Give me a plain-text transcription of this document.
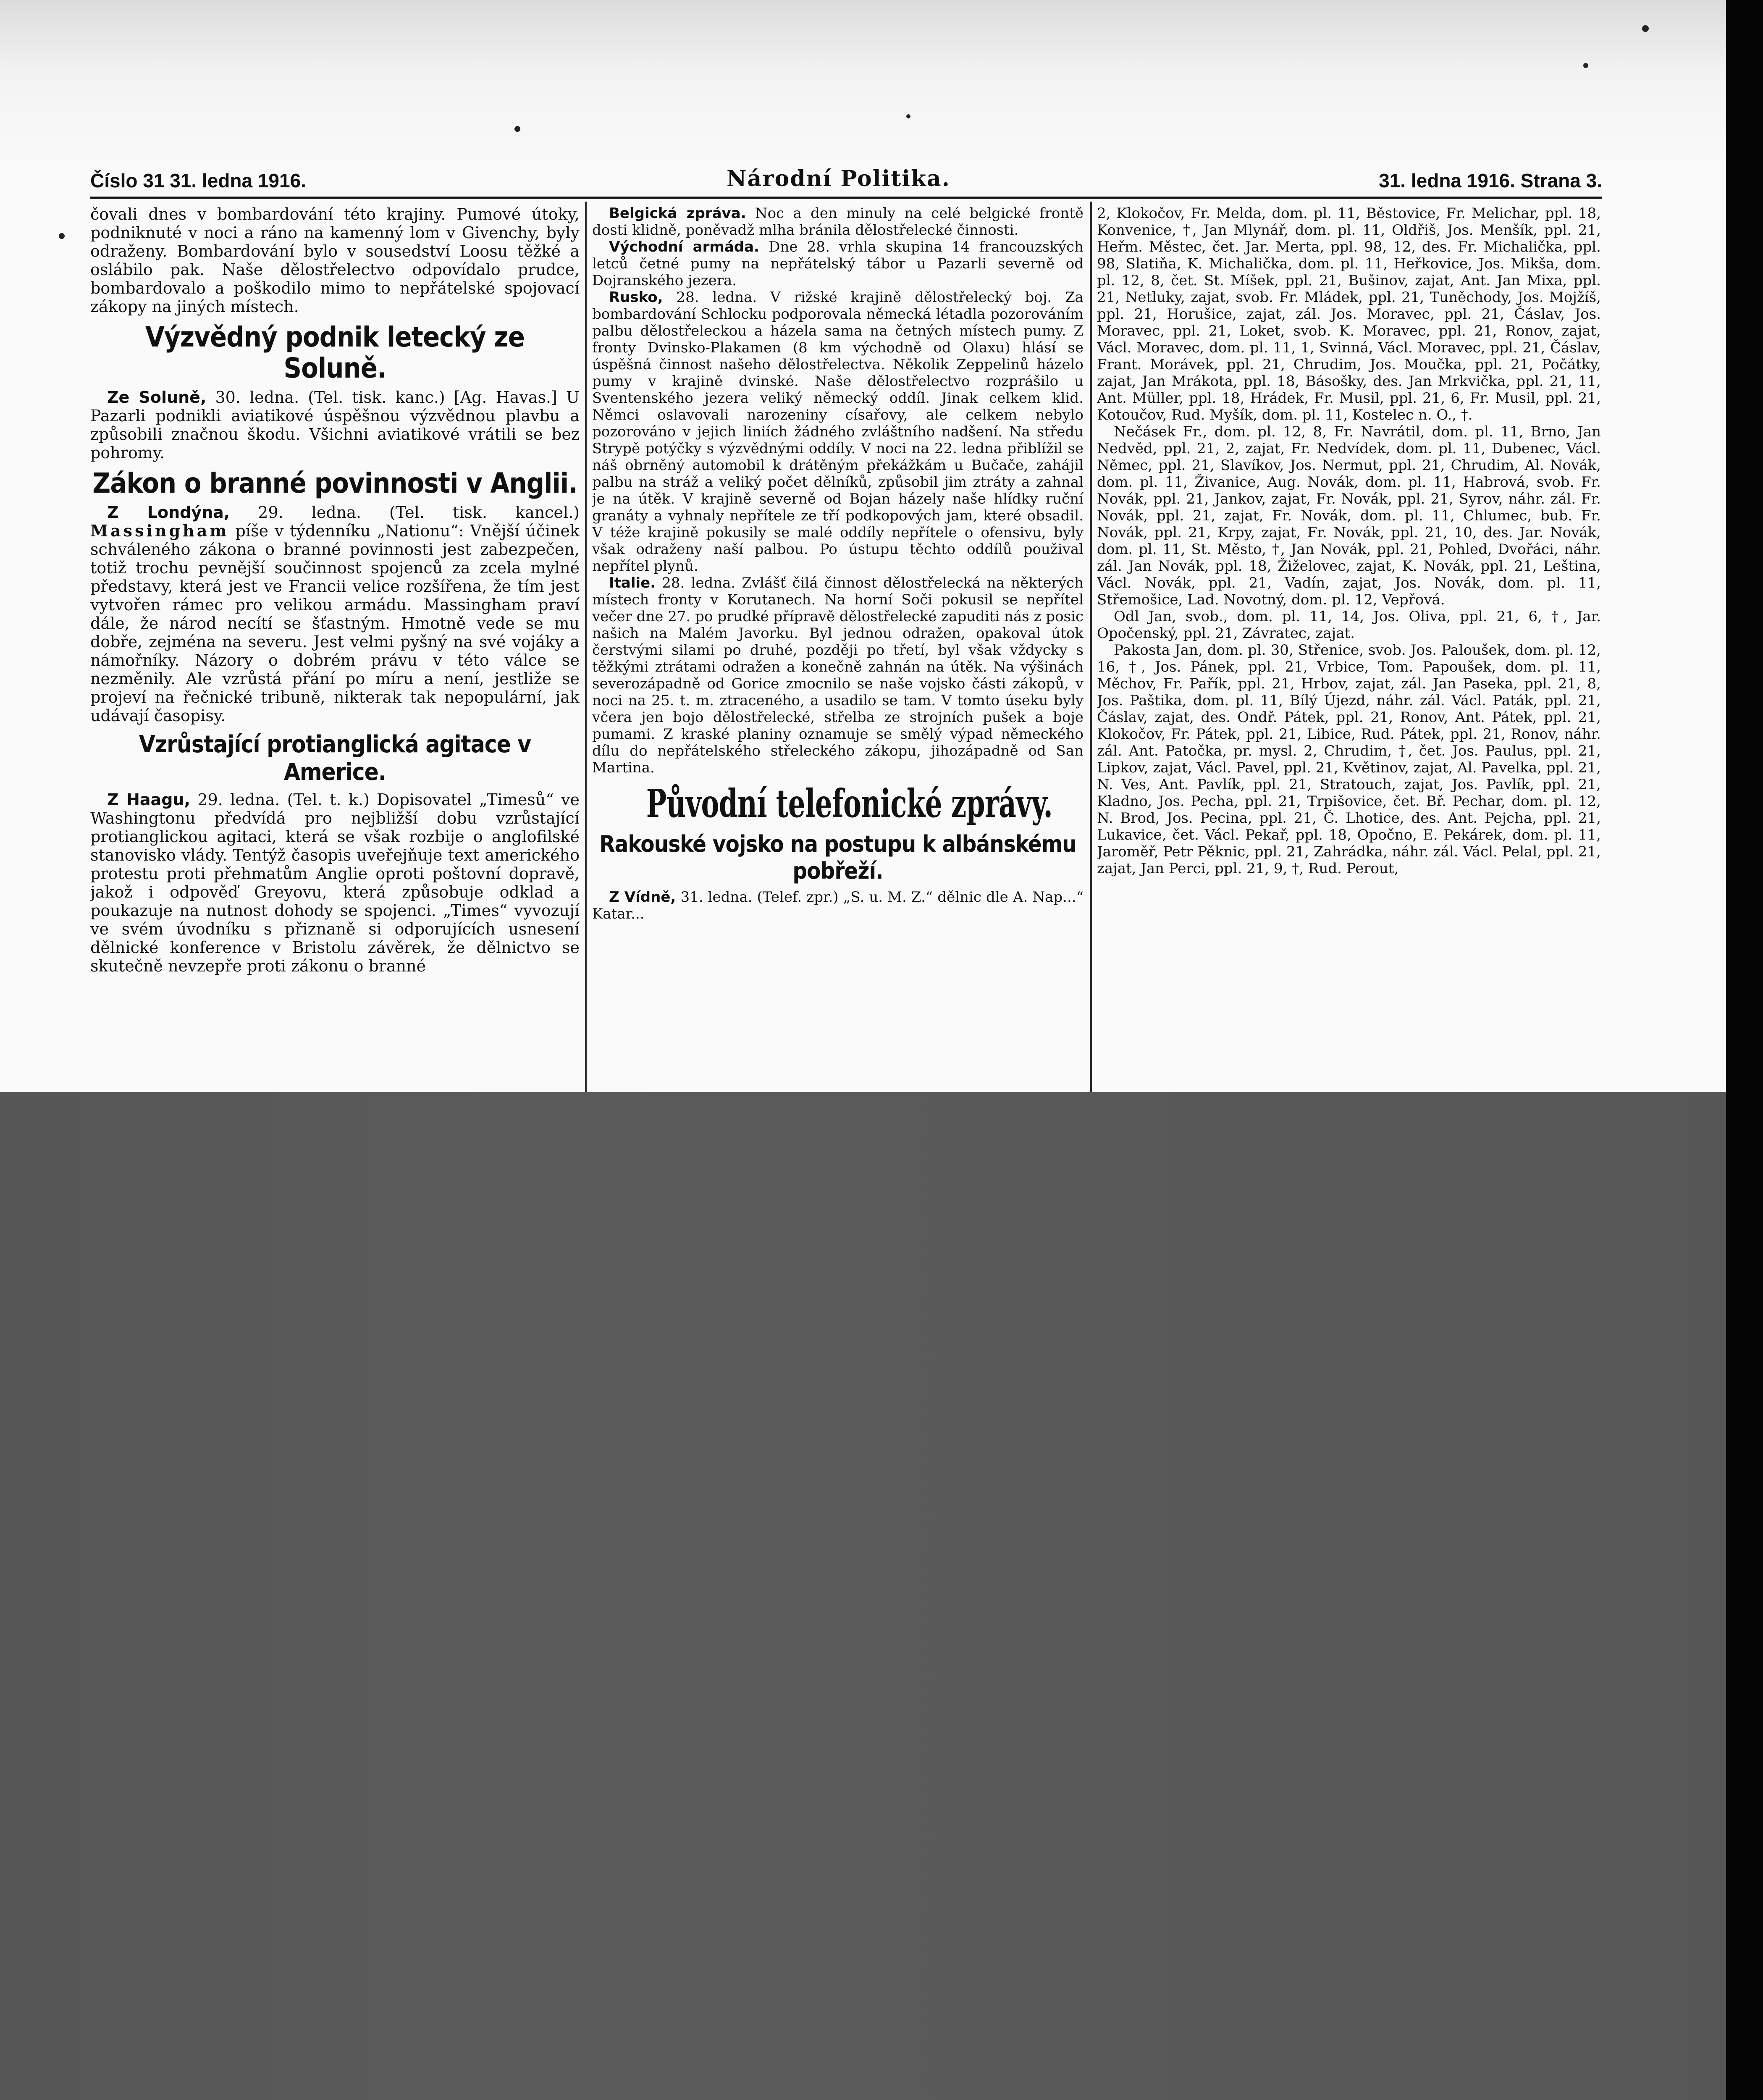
Číslo 31 31. ledna 1916.	Národní Politika.	31. ledna 1916. Strana 3.

čovali dnes v bombardování této krajiny. Pumové útoky, podniknuté v noci a ráno na kamenný lom v Givenchy, byly odraženy. Bombardování bylo v sousedství Loosu těžké a oslábilo pak. Naše dělostřelectvo odpovídalo prudce, bombardovalo a poškodilo mimo to nepřátelské spojovací zákopy na jiných místech.

Výzvědný podnik letecký ze Soluně.

Ze Soluně, 30. ledna. (Tel. tisk. kanc.) [Ag. Havas.] U Pazarli podnikli aviatikové úspěšnou výzvědnou plavbu a způsobili značnou škodu. Všichni aviatikové vrátili se bez pohromy.

Zákon o branné povinnosti v Anglii.

Z Londýna, 29. ledna. (Tel. tisk. kancel.) Massingham píše v týdenníku „Nationu“: Vnější účinek schváleného zákona o branné povinnosti jest zabezpečen, totiž trochu pevnější součinnost spojenců za zcela mylné představy, která jest ve Francii velice rozšířena, že tím jest vytvořen rámec pro velikou armádu. Massingham praví dále, že národ necítí se šťastným. Hmotně vede se mu dobře, zejména na severu. Jest velmi pyšný na své vojáky a námořníky. Názory o dobrém právu v této válce se nezměnily. Ale vzrůstá přání po míru a není, jestliže se projeví na řečnické tribuně, nikterak tak nepopulární, jak udávají časopisy.

Vzrůstající protianglická agitace v Americe.

Z Haagu, 29. ledna. (Tel. t. k.) Dopisovatel „Timesů“ ve Washingtonu předvídá pro nejbližší dobu vzrůstající protianglickou agitaci, která se však rozbije o anglofilské stanovisko vlády. Tentýž časopis uveřejňuje text amerického protestu proti přehmatům Anglie oproti poštovní dopravě, jakož i odpověď Greyovu, která způsobuje odklad a poukazuje na nutnost dohody se spojenci. „Times“ vyvozují ve svém úvodníku s přiznaně si odporujících usnesení dělnické konference v Bristolu závěrek, že dělnictvo se skutečně nevzepře proti zákonu o branné

Belgická zpráva. Noc a den minuly na celé belgické frontě dosti klidně, poněvadž mlha bránila dělostřelecké činnosti.

Východní armáda. Dne 28. vrhla skupina 14 francouzských letců četné pumy na nepřátelský tábor u Pazarli severně od Dojranského jezera.

Rusko, 28. ledna. V rižské krajině dělostřelecký boj. Za bombardování Schlocku podporovala německá létadla pozorováním palbu dělostřeleckou a házela sama na četných místech pumy. Z fronty Dvinsko-Plakamen (8 km východně od Olaxu) hlásí se úspěšná činnost našeho dělostřelectva. Několik Zeppelinů házelo pumy v krajině dvinské. Naše dělostřelectvo rozprášilo u Sventenského jezera veliký německý oddíl. Jinak celkem klid. Němci oslavovali narozeniny císařovy, ale celkem nebylo pozorováno v jejich liniích žádného zvláštního nadšení. Na středu Strypě potýčky s výzvědnými oddíly. V noci na 22. ledna přiblížil se náš obrněný automobil k drátěným překážkám u Bučače, zahájil palbu na stráž a veliký počet dělníků, způsobil jim ztráty a zahnal je na útěk. V krajině severně od Bojan házely naše hlídky ruční granáty a vyhnaly nepřítele ze tří podkopových jam, které obsadil. V téže krajině pokusily se malé oddíly nepřítele o ofensivu, byly však odraženy naší palbou. Po ústupu těchto oddílů použival nepřítel plynů.

Italie. 28. ledna. Zvlášť čilá činnost dělostřelecká na některých místech fronty v Korutanech. Na horní Soči pokusil se nepřítel večer dne 27. po prudké přípravě dělostřelecké zapuditi nás z posic našich na Malém Javorku. Byl jednou odražen, opakoval útok čerstvými silami po druhé, později po třetí, byl však vždycky s těžkými ztrátami odražen a konečně zahnán na útěk. Na výšinách severozápadně od Gorice zmocnilo se naše vojsko části zákopů, v noci na 25. t. m. ztraceného, a usadilo se tam. V tomto úseku byly včera jen bojo dělostřelecké, střelba ze strojních pušek a boje pumami. Z kraské planiny oznamuje se smělý výpad německého dílu do nepřátelského střeleckého zákopu, jihozápadně od San Martina.

Původní telefonické zprávy.
Rakouské vojsko na postupu k albánskému pobřeží.

Z Vídně, 31. ledna. (Telef. zpr.) „S. u. M. Z.“ dělnic dle A. Nap...“ Katar...

2, Klokočov, Fr. Melda, dom. pl. 11, Běstovice, Fr. Melichar, ppl. 18, Konvenice, †, Jan Mlynář, dom. pl. 11, Oldřiš, Jos. Menšík, ppl. 21, Heřm. Městec, čet. Jar. Merta, ppl. 98, 12, des. Fr. Michalička, ppl. 98, Slatiňa, K. Michalička, dom. pl. 11, Heřkovice, Jos. Mikša, dom. pl. 12, 8, čet. St. Míšek, ppl. 21, Bušinov, zajat, Ant. Jan Mixa, ppl. 21, Netluky, zajat, svob. Fr. Mládek, ppl. 21, Tuněchody, Jos. Mojžíš, ppl. 21, Horušice, zajat, zál. Jos. Moravec, ppl. 21, Čáslav, Jos. Moravec, ppl. 21, Loket, svob. K. Moravec, ppl. 21, Ronov, zajat, Václ. Moravec, dom. pl. 11, 1, Svinná, Václ. Moravec, ppl. 21, Čáslav, Frant. Morávek, ppl. 21, Chrudim, Jos. Moučka, ppl. 21, Počátky, zajat, Jan Mrákota, ppl. 18, Básošky, des. Jan Mrkvička, ppl. 21, 11, Ant. Müller, ppl. 18, Hrádek, Fr. Musil, ppl. 21, 6, Fr. Musil, ppl. 21, Kotoučov, Rud. Myšík, dom. pl. 11, Kostelec n. O., †.

Nečásek Fr., dom. pl. 12, 8, Fr. Navrátil, dom. pl. 11, Brno, Jan Nedvěd, ppl. 21, 2, zajat, Fr. Nedvídek, dom. pl. 11, Dubenec, Václ. Němec, ppl. 21, Slavíkov, Jos. Nermut, ppl. 21, Chrudim, Al. Novák, dom. pl. 11, Živanice, Aug. Novák, dom. pl. 11, Habrová, svob. Fr. Novák, ppl. 21, Jankov, zajat, Fr. Novák, ppl. 21, Syrov, náhr. zál. Fr. Novák, ppl. 21, zajat, Fr. Novák, dom. pl. 11, Chlumec, bub. Fr. Novák, ppl. 21, Krpy, zajat, Fr. Novák, ppl. 21, 10, des. Jar. Novák, dom. pl. 11, St. Město, †, Jan Novák, ppl. 21, Pohled, Dvořáci, náhr. zál. Jan Novák, ppl. 18, Žiželovec, zajat, K. Novák, ppl. 21, Leština, Václ. Novák, ppl. 21, Vadín, zajat, Jos. Novák, dom. pl. 11, Střemošice, Lad. Novotný, dom. pl. 12, Vepřová.

Odl Jan, svob., dom. pl. 11, 14, Jos. Oliva, ppl. 21, 6, †, Jar. Opočenský, ppl. 21, Závratec, zajat.

Pakosta Jan, dom. pl. 30, Střenice, svob. Jos. Paloušek, dom. pl. 12, 16, †, Jos. Pánek, ppl. 21, Vrbice, Tom. Papoušek, dom. pl. 11, Měchov, Fr. Pařík, ppl. 21, Hrbov, zajat, zál. Jan Paseka, ppl. 21, 8, Jos. Paštika, dom. pl. 11, Bílý Újezd, náhr. zál. Václ. Paták, ppl. 21, Čáslav, zajat, des. Ondř. Pátek, ppl. 21, Ronov, Ant. Pátek, ppl. 21, Klokočov, Fr. Pátek, ppl. 21, Libice, Rud. Pátek, ppl. 21, Ronov, náhr. zál. Ant. Patočka, pr. mysl. 2, Chrudim, †, čet. Jos. Paulus, ppl. 21, Lipkov, zajat, Václ. Pavel, ppl. 21, Květinov, zajat, Al. Pavelka, ppl. 21, N. Ves, Ant. Pavlík, ppl. 21, Stratouch, zajat, Jos. Pavlík, ppl. 21, Kladno, Jos. Pecha, ppl. 21, Trpišovice, čet. Bř. Pechar, dom. pl. 12, N. Brod, Jos. Pecina, ppl. 21, Č. Lhotice, des. Ant. Pejcha, ppl. 21, Lukavice, čet. Václ. Pekař, ppl. 18, Opočno, E. Pekárek, dom. pl. 11, Jaroměř, Petr Pěknic, ppl. 21, Zahrádka, náhr. zál. Václ. Pelal, ppl. 21, zajat, Jan Perci, ppl. 21, 9, †, Rud. Perout,
